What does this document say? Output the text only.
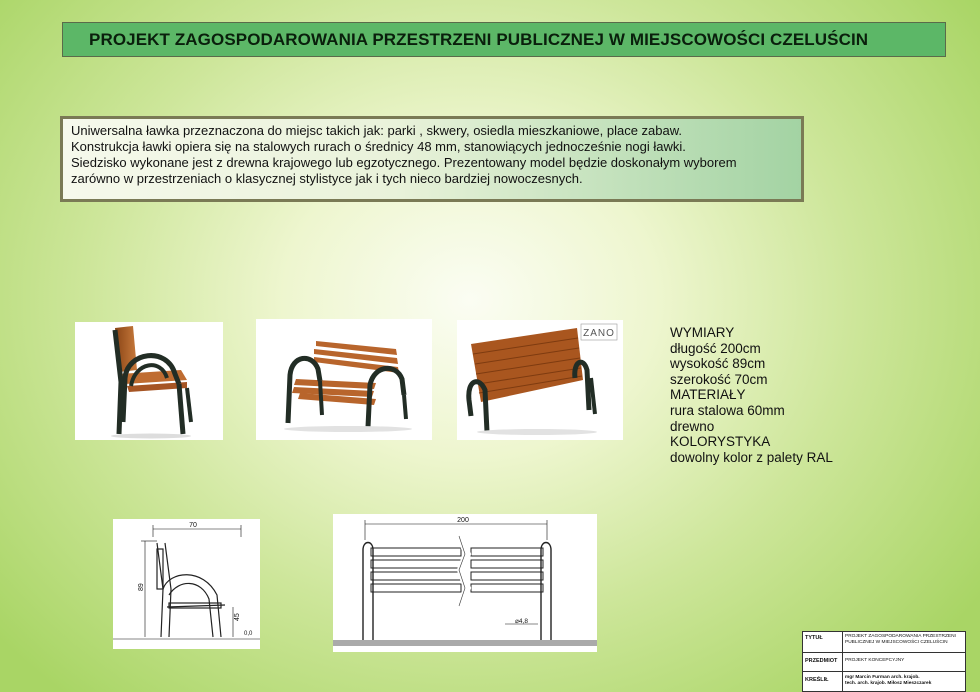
PROJEKT ZAGOSPODAROWANIA PRZESTRZENI PUBLICZNEJ W MIEJSCOWOŚCI CZELUŚCIN
Uniwersalna ławka przeznaczona do miejsc takich jak: parki , skwery, osiedla mieszkaniowe, place zabaw.
Konstrukcja ławki opiera się na stalowych rurach o średnicy 48 mm, stanowiących jednocześnie nogi ławki.
Siedzisko wykonane jest z drewna krajowego lub egzotycznego. Prezentowany model będzie doskonałym wyborem
zarówno w przestrzeniach o klasycznej stylistyce jak i tych nieco bardziej nowoczesnych.
ZANO	WYMIARY
długość 200cm
wysokość 89cm
szerokość 70cm
MATERIAŁY
rura stalowa 60mm
drewno
KOLORYSTYKA
dowolny kolor z palety RAL
70
89
45
0,0
200
⌀4,8
TYTUŁ	PROJEKT ZAGOSPODAROWANIA PRZESTRZENI
PUBLICZNEJ W MIEJSCOWOŚCI CZELUŚCIN
PRZEDMIOT PROJEKT KONCEPCYJNY
KREŚLIŁ	mgr Marcin Furman arch. krajob.
tech. arch. krajob. Miłosz Mieszczarek
